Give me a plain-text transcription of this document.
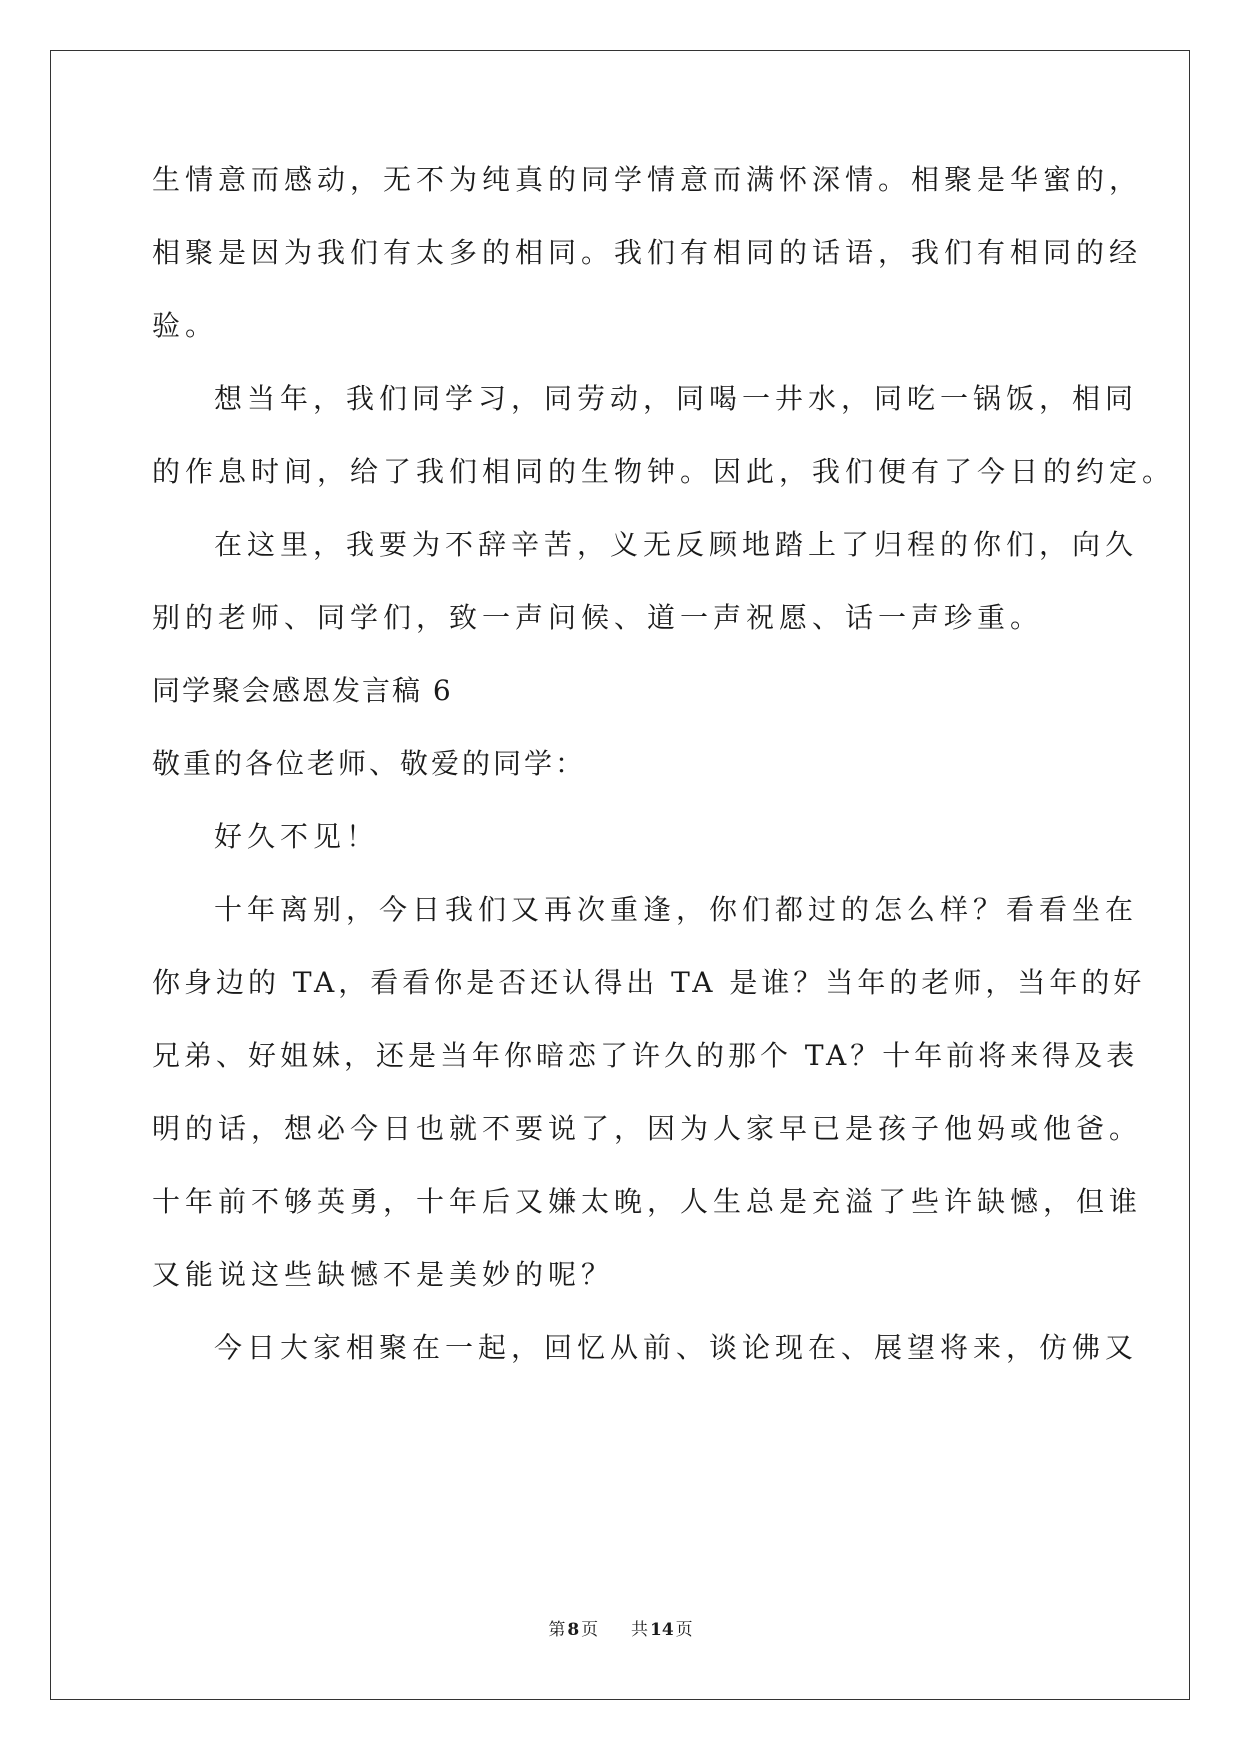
生情意而感动，无不为纯真的同学情意而满怀深情。相聚是华蜜的，
相聚是因为我们有太多的相同。我们有相同的话语，我们有相同的经
验。
想当年，我们同学习，同劳动，同喝一井水，同吃一锅饭，相同
的作息时间，给了我们相同的生物钟。因此，我们便有了今日的约定。
在这里，我要为不辞辛苦，义无反顾地踏上了归程的你们，向久
别的老师、同学们，致一声问候、道一声祝愿、话一声珍重。
同学聚会感恩发言稿 6
敬重的各位老师、敬爱的同学：
好久不见！
十年离别，今日我们又再次重逢，你们都过的怎么样？看看坐在
你身边的 TA，看看你是否还认得出 TA 是谁？当年的老师，当年的好
兄弟、好姐妹，还是当年你暗恋了许久的那个 TA？十年前将来得及表
明的话，想必今日也就不要说了，因为人家早已是孩子他妈或他爸。
十年前不够英勇，十年后又嫌太晚，人生总是充溢了些许缺憾，但谁
又能说这些缺憾不是美妙的呢？
今日大家相聚在一起，回忆从前、谈论现在、展望将来，仿佛又
第 8 页 共 14 页
